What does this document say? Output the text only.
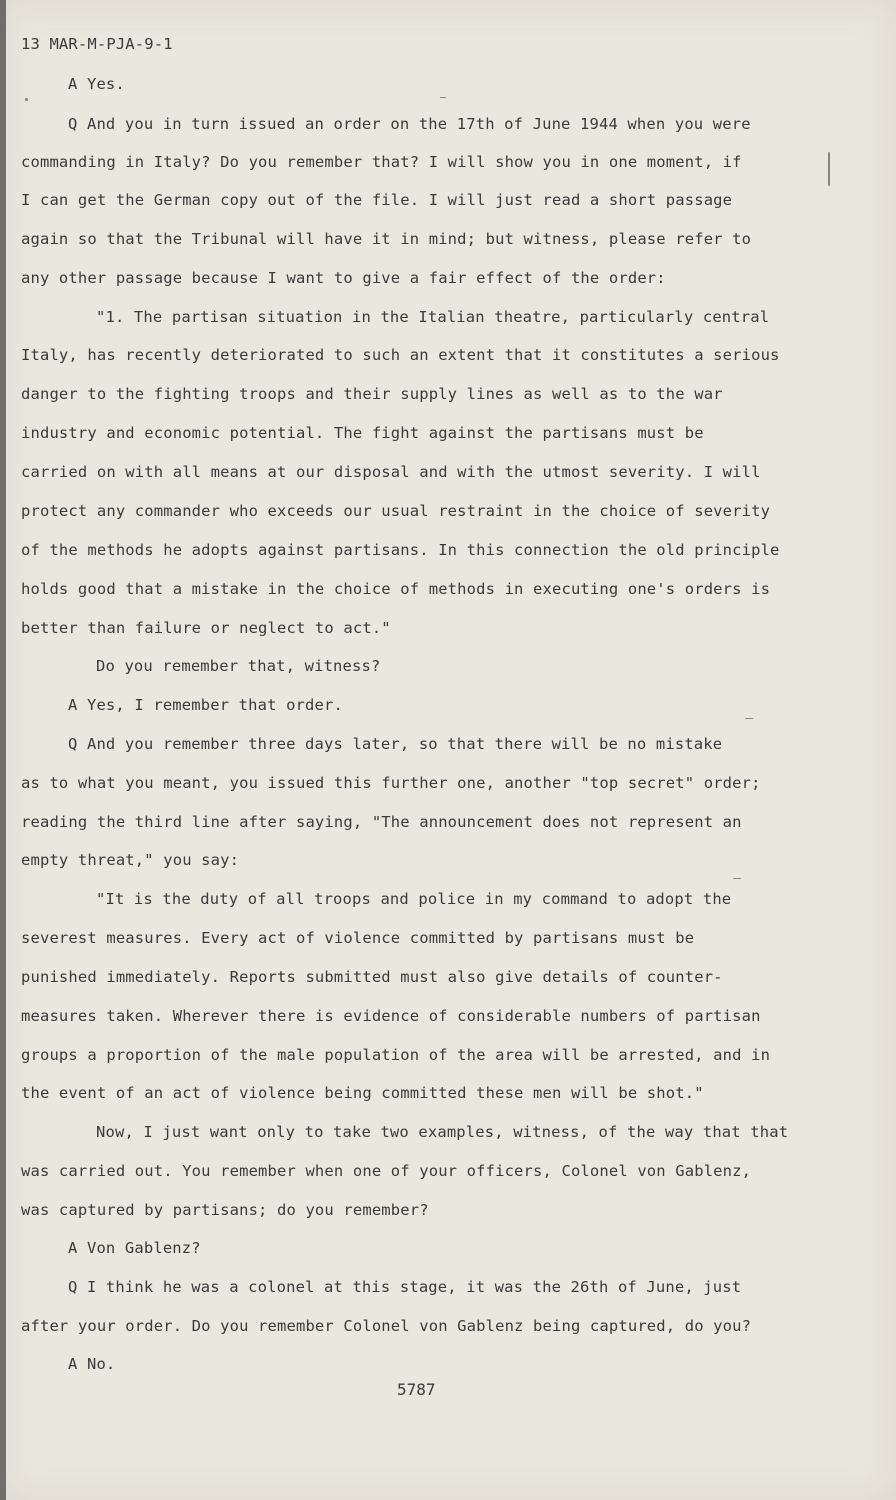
13 MAR-M-PJA-9-1
A Yes.
Q And you in turn issued an order on the 17th of June 1944 when you were
commanding in Italy? Do you remember that? I will show you in one moment, if
I can get the German copy out of the file. I will just read a short passage
again so that the Tribunal will have it in mind; but witness, please refer to
any other passage because I want to give a fair effect of the order:
"1. The partisan situation in the Italian theatre, particularly central
Italy, has recently deteriorated to such an extent that it constitutes a serious
danger to the fighting troops and their supply lines as well as to the war
industry and economic potential. The fight against the partisans must be
carried on with all means at our disposal and with the utmost severity. I will
protect any commander who exceeds our usual restraint in the choice of severity
of the methods he adopts against partisans. In this connection the old principle
holds good that a mistake in the choice of methods in executing one's orders is
better than failure or neglect to act."
Do you remember that, witness?
A Yes, I remember that order.
Q And you remember three days later, so that there will be no mistake
as to what you meant, you issued this further one, another "top secret" order;
reading the third line after saying, "The announcement does not represent an
empty threat," you say:
"It is the duty of all troops and police in my command to adopt the
severest measures. Every act of violence committed by partisans must be
punished immediately. Reports submitted must also give details of counter-
measures taken. Wherever there is evidence of considerable numbers of partisan
groups a proportion of the male population of the area will be arrested, and in
the event of an act of violence being committed these men will be shot."
Now, I just want only to take two examples, witness, of the way that that
was carried out. You remember when one of your officers, Colonel von Gablenz,
was captured by partisans; do you remember?
A Von Gablenz?
Q I think he was a colonel at this stage, it was the 26th of June, just
after your order. Do you remember Colonel von Gablenz being captured, do you?
A No.
5787
